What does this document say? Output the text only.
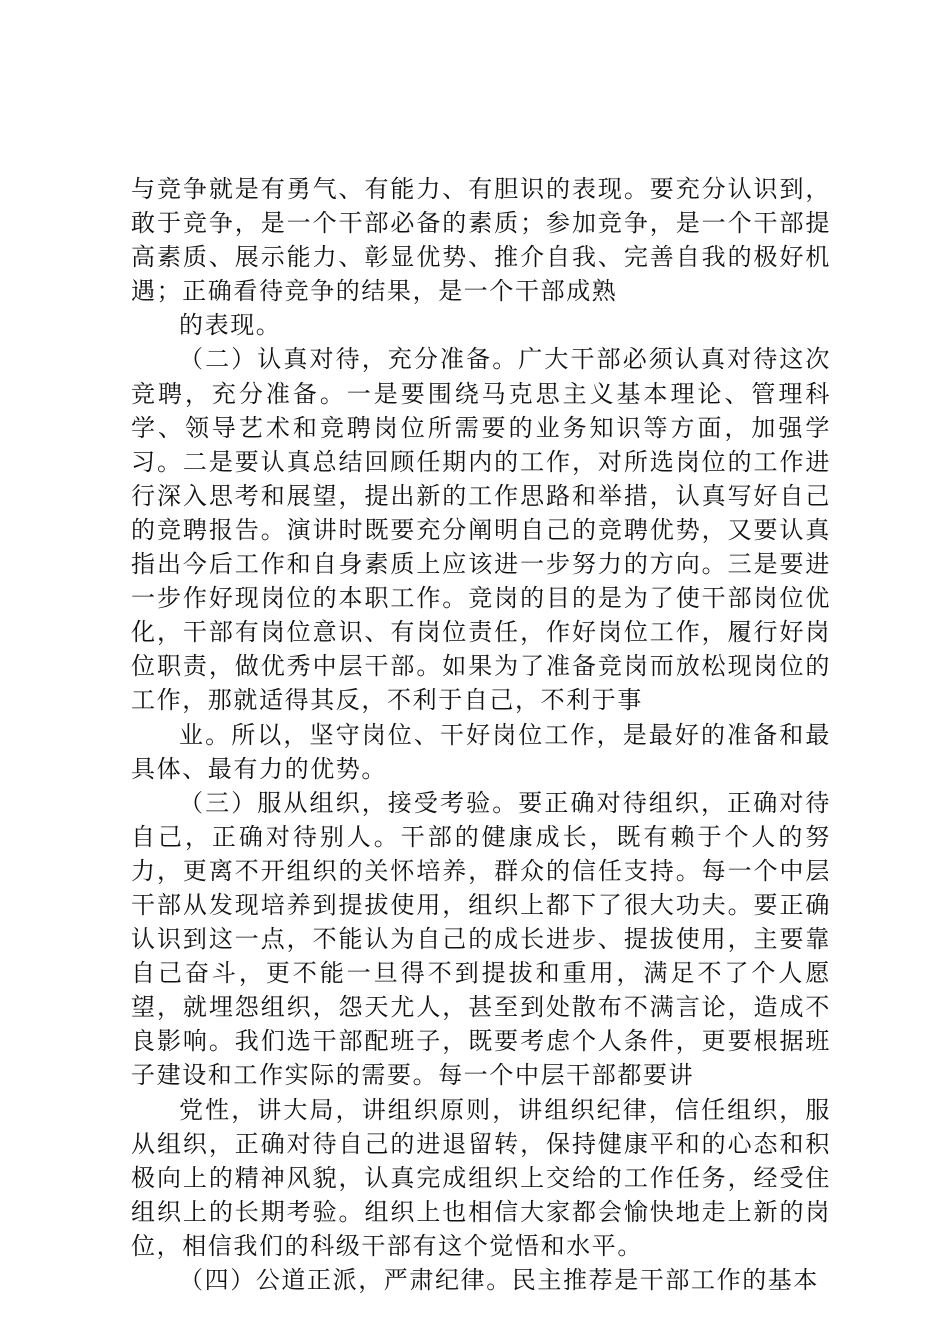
与竞争就是有勇气、有能力、有胆识的表现。要充分认识到，敢于竞争，是一个干部必备的素质；参加竞争，是一个干部提高素质、展示能力、彰显优势、推介自我、完善自我的极好机遇；正确看待竞争的结果，是一个干部成熟

的表现。

（二）认真对待，充分准备。广大干部必须认真对待这次竞聘，充分准备。一是要围绕马克思主义基本理论、管理科学、领导艺术和竞聘岗位所需要的业务知识等方面，加强学习。二是要认真总结回顾任期内的工作，对所选岗位的工作进行深入思考和展望，提出新的工作思路和举措，认真写好自己的竞聘报告。演讲时既要充分阐明自己的竞聘优势，又要认真指出今后工作和自身素质上应该进一步努力的方向。三是要进一步作好现岗位的本职工作。竞岗的目的是为了使干部岗位优化，干部有岗位意识、有岗位责任，作好岗位工作，履行好岗位职责，做优秀中层干部。如果为了准备竞岗而放松现岗位的工作，那就适得其反，不利于自己，不利于事

业。所以，坚守岗位、干好岗位工作，是最好的准备和最具体、最有力的优势。

（三）服从组织，接受考验。要正确对待组织，正确对待自己，正确对待别人。干部的健康成长，既有赖于个人的努力，更离不开组织的关怀培养，群众的信任支持。每一个中层干部从发现培养到提拔使用，组织上都下了很大功夫。要正确认识到这一点，不能认为自己的成长进步、提拔使用，主要靠自己奋斗，更不能一旦得不到提拔和重用，满足不了个人愿望，就埋怨组织，怨天尤人，甚至到处散布不满言论，造成不良影响。我们选干部配班子，既要考虑个人条件，更要根据班子建设和工作实际的需要。每一个中层干部都要讲

党性，讲大局，讲组织原则，讲组织纪律，信任组织，服从组织，正确对待自己的进退留转，保持健康平和的心态和积极向上的精神风貌，认真完成组织上交给的工作任务，经受住组织上的长期考验。组织上也相信大家都会愉快地走上新的岗位，相信我们的科级干部有这个觉悟和水平。

（四）公道正派，严肃纪律。民主推荐是干部工作的基本
